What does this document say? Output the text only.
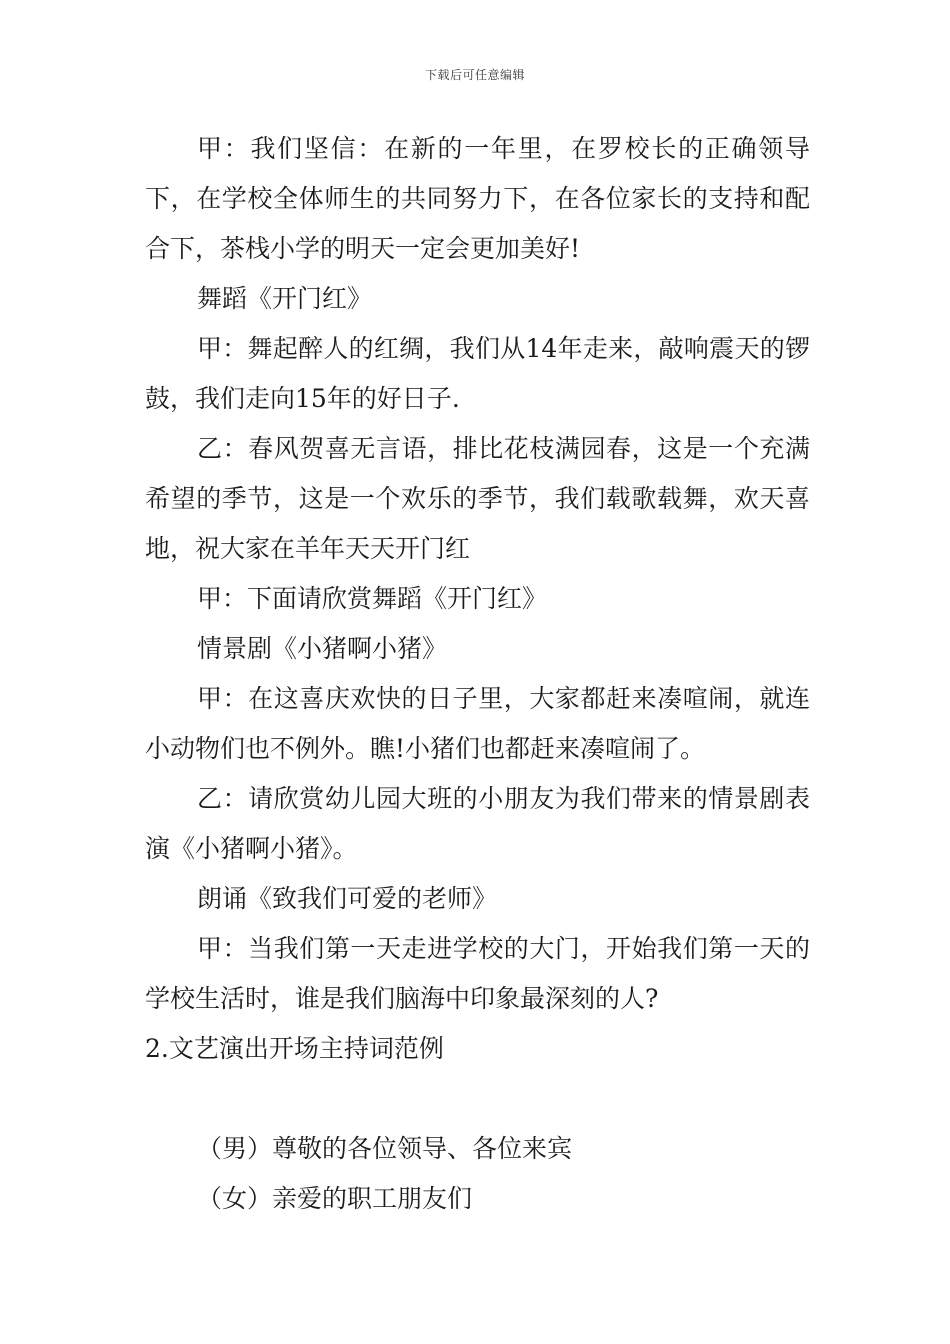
下载后可任意编辑

甲：我们坚信：在新的一年里，在罗校长的正确领导下，在学校全体师生的共同努力下，在各位家长的支持和配合下，茶栈小学的明天一定会更加美好!

舞蹈《开门红》

甲：舞起醉人的红绸，我们从14年走来，敲响震天的锣鼓，我们走向15年的好日子.

乙：春风贺喜无言语，排比花枝满园春，这是一个充满希望的季节，这是一个欢乐的季节，我们载歌载舞，欢天喜地，祝大家在羊年天天开门红

甲：下面请欣赏舞蹈《开门红》

情景剧《小猪啊小猪》

甲：在这喜庆欢快的日子里，大家都赶来凑喧闹，就连小动物们也不例外。瞧!小猪们也都赶来凑喧闹了。

乙：请欣赏幼儿园大班的小朋友为我们带来的情景剧表演《小猪啊小猪》。

朗诵《致我们可爱的老师》

甲：当我们第一天走进学校的大门，开始我们第一天的学校生活时，谁是我们脑海中印象最深刻的人?

2.文艺演出开场主持词范例

（男）尊敬的各位领导、各位来宾

（女）亲爱的职工朋友们
